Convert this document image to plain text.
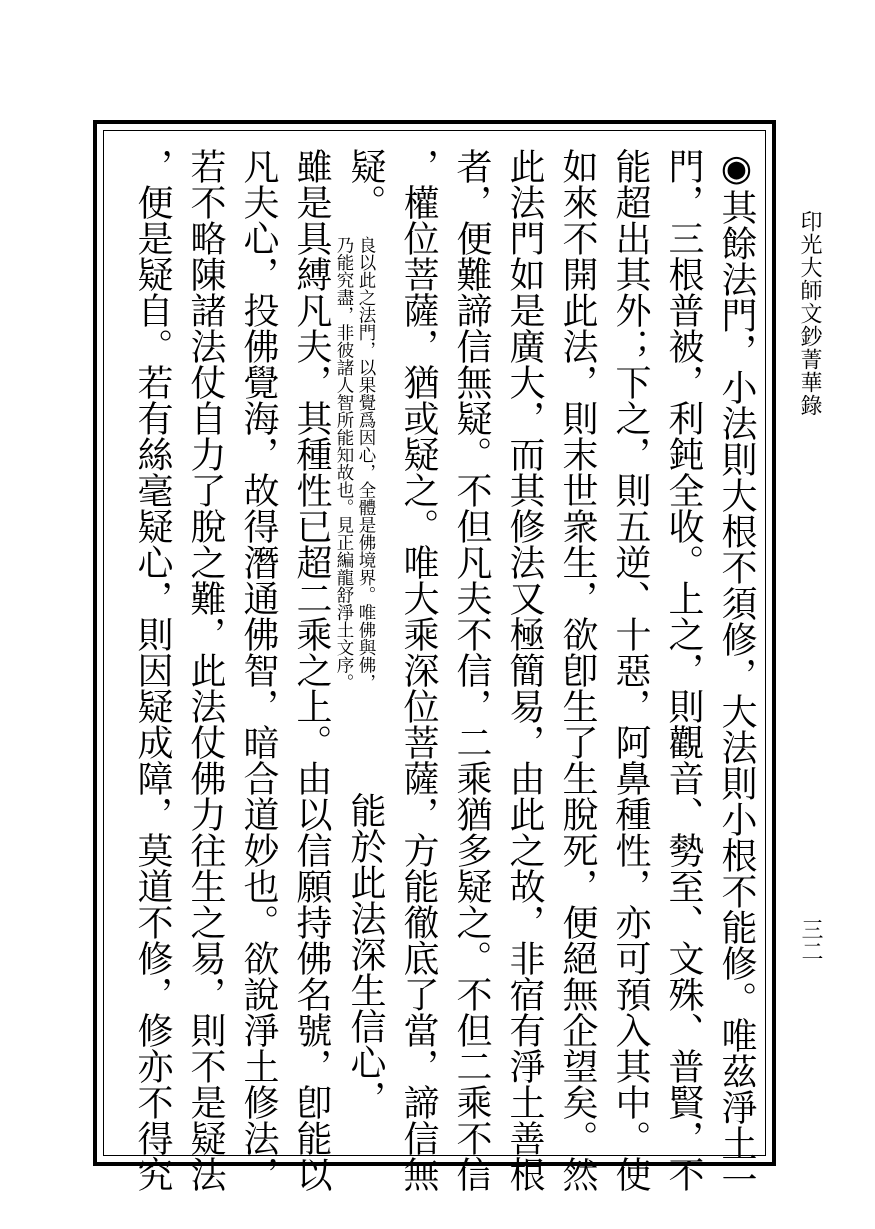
印光大師文鈔菁華錄
三二
◉其餘法門，小法則大根不須修，大法則小根不能修。唯茲淨土一
門，三根普被，利鈍全收。上之，則觀音、勢至、文殊、普賢，不
能超出其外；下之，則五逆、十惡，阿鼻種性，亦可預入其中。使
如來不開此法，則末世衆生，欲卽生了生脫死，便絕無企望矣。然
此法門如是廣大，而其修法又極簡易，由此之故，非宿有淨土善根
者，便難諦信無疑。不但凡夫不信，二乘猶多疑之。不但二乘不信
，權位菩薩，猶或疑之。唯大乘深位菩薩，方能徹底了當，諦信無
疑。
良以此之法門，以果覺爲因心，全體是佛境界。唯佛與佛，
乃能究盡，非彼諸人智所能知故也。見正編龍舒淨土文序。
能於此法深生信心，
雖是具縛凡夫，其種性已超二乘之上。由以信願持佛名號，卽能以
凡夫心，投佛覺海，故得潛通佛智，暗合道妙也。欲說淨土修法，
若不略陳諸法仗自力了脫之難，此法仗佛力往生之易，則不是疑法
，便是疑自。若有絲毫疑心，則因疑成障，莫道不修，修亦不得究
